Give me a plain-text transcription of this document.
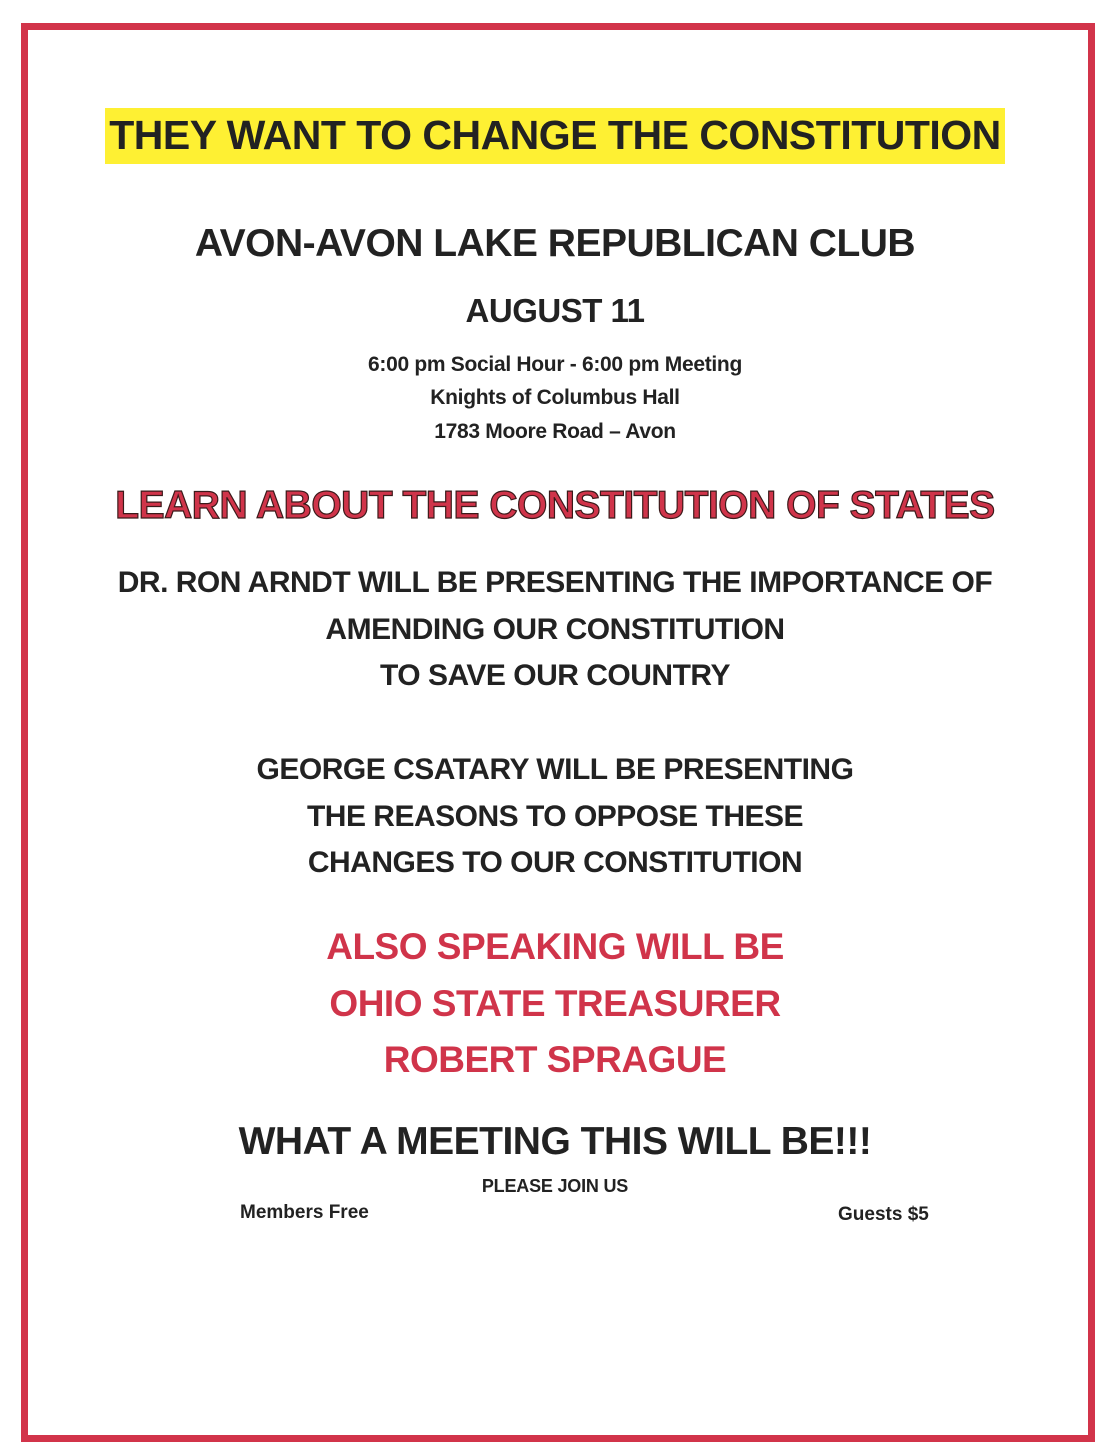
THEY WANT TO CHANGE THE CONSTITUTION
AVON-AVON LAKE REPUBLICAN CLUB
AUGUST 11
6:00 pm Social Hour - 6:00 pm Meeting
Knights of Columbus Hall
1783 Moore Road – Avon
LEARN ABOUT THE CONSTITUTION OF STATES
DR. RON ARNDT WILL BE PRESENTING THE IMPORTANCE OF
AMENDING OUR CONSTITUTION
TO SAVE OUR COUNTRY
GEORGE CSATARY WILL BE PRESENTING
THE REASONS TO OPPOSE THESE
CHANGES TO OUR CONSTITUTION
ALSO SPEAKING WILL BE
OHIO STATE TREASURER
ROBERT SPRAGUE
WHAT A MEETING THIS WILL BE!!!
PLEASE JOIN US
Members Free	Guests $5
